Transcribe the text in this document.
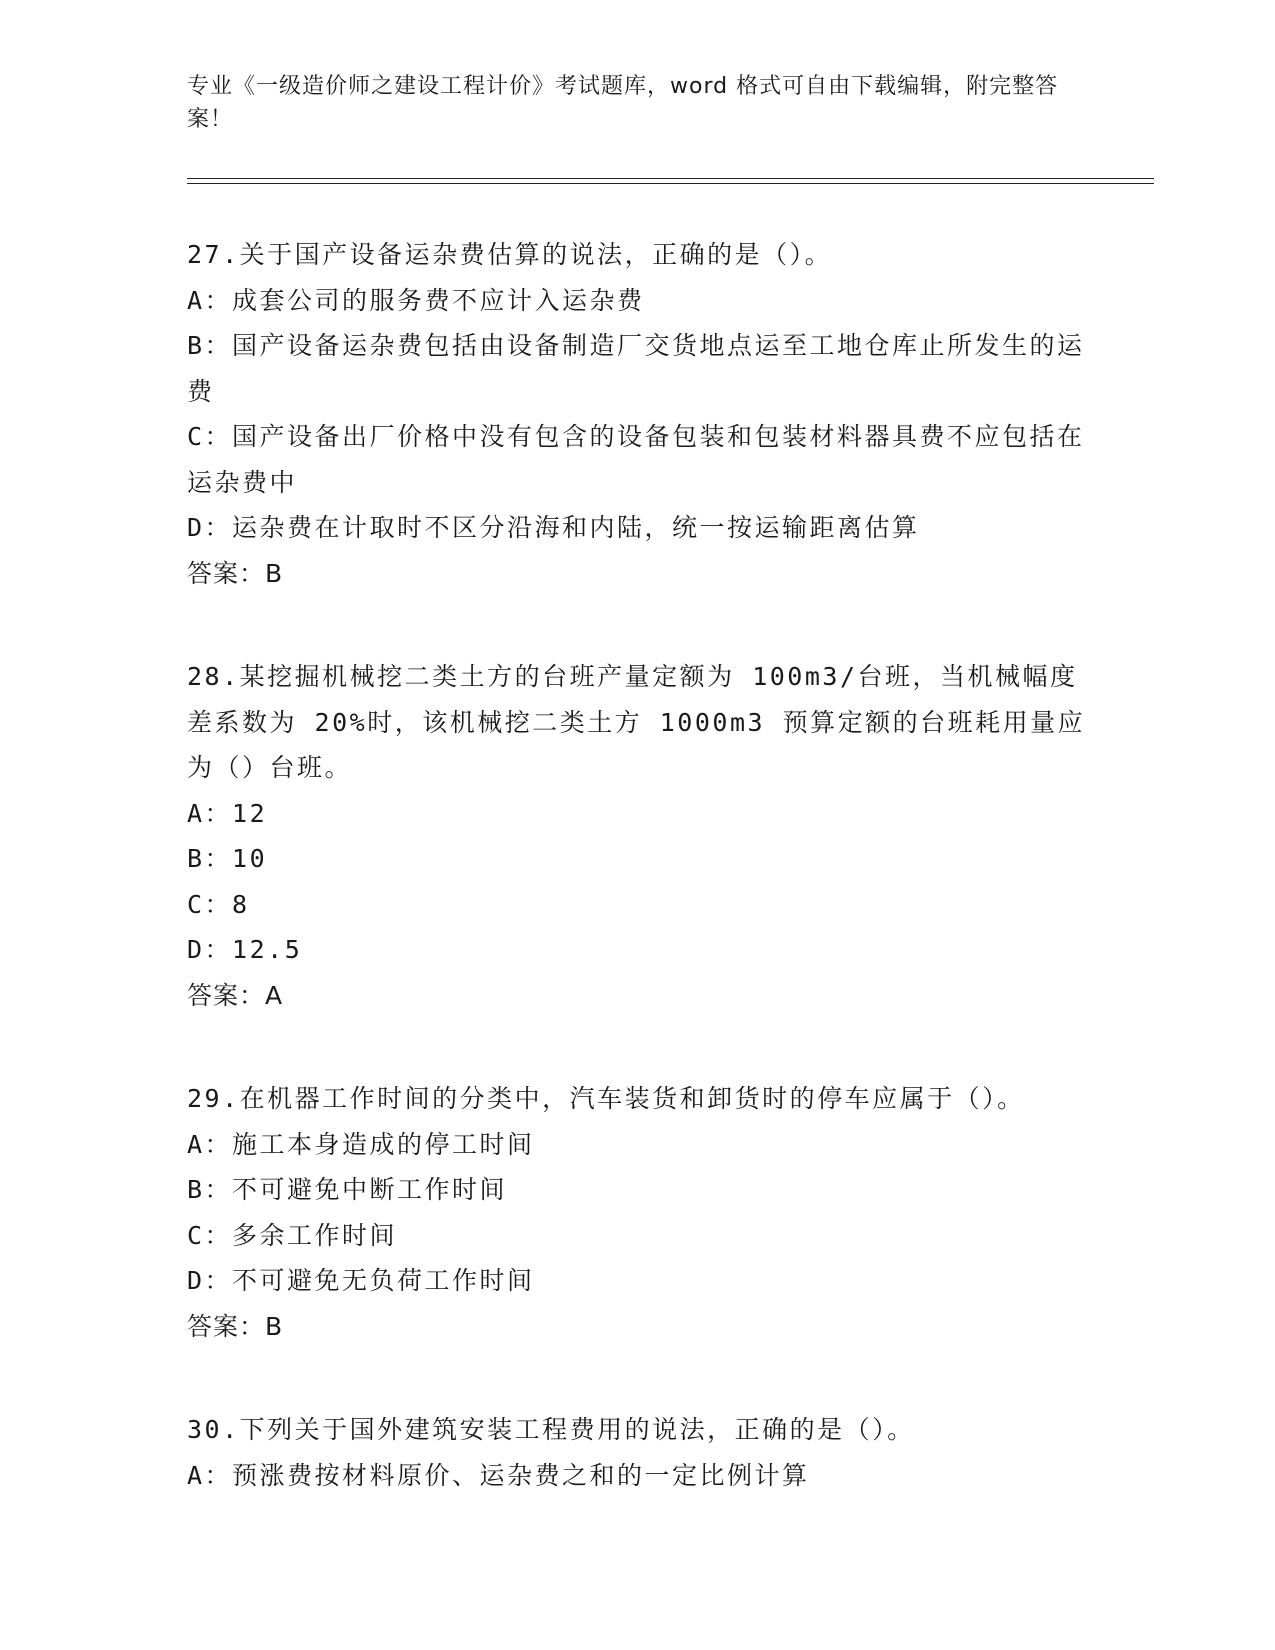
专业《一级造价师之建设工程计价》考试题库，word 格式可自由下载编辑，附完整答案！

27.关于国产设备运杂费估算的说法，正确的是（）。

A：成套公司的服务费不应计入运杂费

B：国产设备运杂费包括由设备制造厂交货地点运至工地仓库止所发生的运费

C：国产设备出厂价格中没有包含的设备包装和包装材料器具费不应包括在运杂费中

D：运杂费在计取时不区分沿海和内陆，统一按运输距离估算

答案：B

28.某挖掘机械挖二类土方的台班产量定额为 100m3/台班，当机械幅度差系数为 20%时，该机械挖二类土方 1000m3 预算定额的台班耗用量应为（）台班。

A：12

B：10

C：8

D：12.5

答案：A

29.在机器工作时间的分类中，汽车装货和卸货时的停车应属于（）。

A：施工本身造成的停工时间

B：不可避免中断工作时间

C：多余工作时间

D：不可避免无负荷工作时间

答案：B

30.下列关于国外建筑安装工程费用的说法，正确的是（）。

A：预涨费按材料原价、运杂费之和的一定比例计算
